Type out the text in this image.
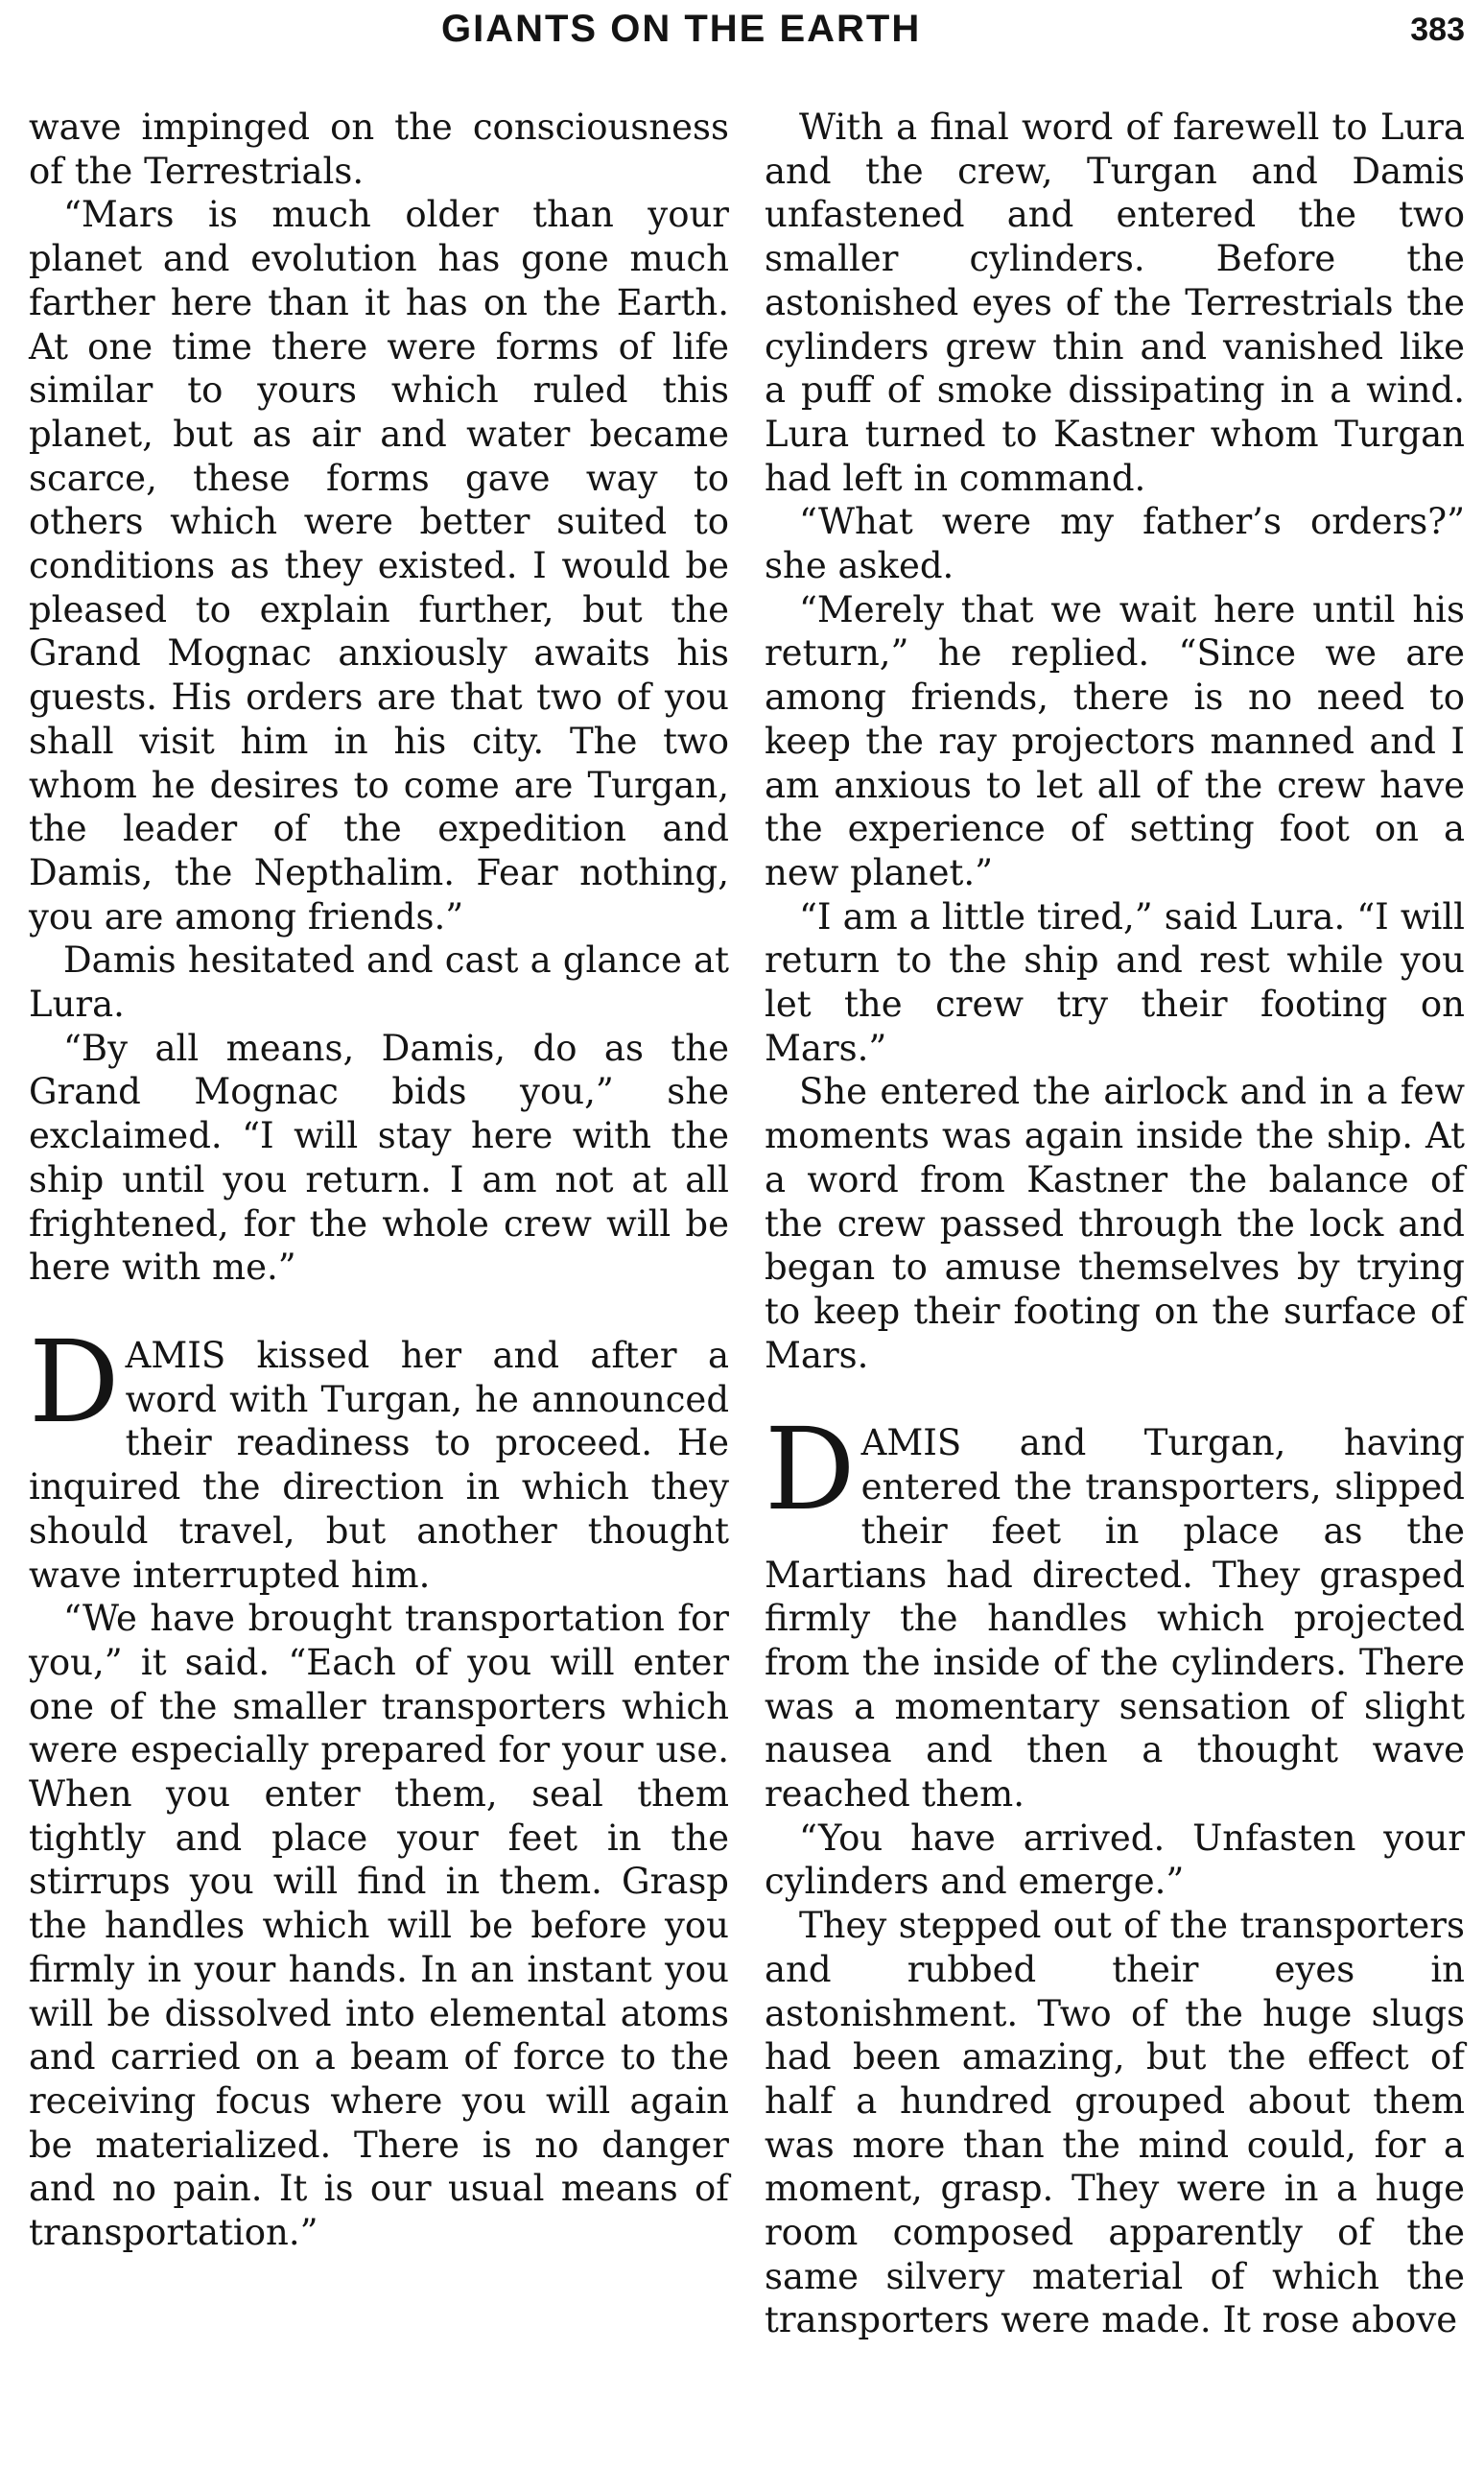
GIANTS ON THE EARTH	383

wave impinged on the consciousness of the Terrestrials.

“Mars is much older than your planet and evolution has gone much farther here than it has on the Earth. At one time there were forms of life similar to yours which ruled this planet, but as air and water became scarce, these forms gave way to others which were better suited to conditions as they existed. I would be pleased to explain further, but the Grand Mognac anxiously awaits his guests. His orders are that two of you shall visit him in his city. The two whom he desires to come are Turgan, the leader of the expedition and Damis, the Nepthalim. Fear nothing, you are among friends.”

Damis hesitated and cast a glance at Lura.

“By all means, Damis, do as the Grand Mognac bids you,” she exclaimed. “I will stay here with the ship until you return. I am not at all frightened, for the whole crew will be here with me.”

DAMIS kissed her and after a word with Turgan, he announced their readiness to proceed. He inquired the direction in which they should travel, but another thought wave interrupted him.

“We have brought transportation for you,” it said. “Each of you will enter one of the smaller transporters which were especially prepared for your use. When you enter them, seal them tightly and place your feet in the stirrups you will find in them. Grasp the handles which will be before you firmly in your hands. In an instant you will be dissolved into elemental atoms and carried on a beam of force to the receiving focus where you will again be materialized. There is no danger and no pain. It is our usual means of transportation.”

With a final word of farewell to Lura and the crew, Turgan and Damis unfastened and entered the two smaller cylinders. Before the astonished eyes of the Terrestrials the cylinders grew thin and vanished like a puff of smoke dissipating in a wind. Lura turned to Kastner whom Turgan had left in command.

“What were my father’s orders?” she asked.

“Merely that we wait here until his return,” he replied. “Since we are among friends, there is no need to keep the ray projectors manned and I am anxious to let all of the crew have the experience of setting foot on a new planet.”

“I am a little tired,” said Lura. “I will return to the ship and rest while you let the crew try their footing on Mars.”

She entered the airlock and in a few moments was again inside the ship. At a word from Kastner the balance of the crew passed through the lock and began to amuse themselves by trying to keep their footing on the surface of Mars.

DAMIS and Turgan, having entered the transporters, slipped their feet in place as the Martians had directed. They grasped firmly the handles which projected from the inside of the cylinders. There was a momentary sensation of slight nausea and then a thought wave reached them.

“You have arrived. Unfasten your cylinders and emerge.”

They stepped out of the transporters and rubbed their eyes in astonishment. Two of the huge slugs had been amazing, but the effect of half a hundred grouped about them was more than the mind could, for a moment, grasp. They were in a huge room composed apparently of the same silvery material of which the transporters were made. It rose above
